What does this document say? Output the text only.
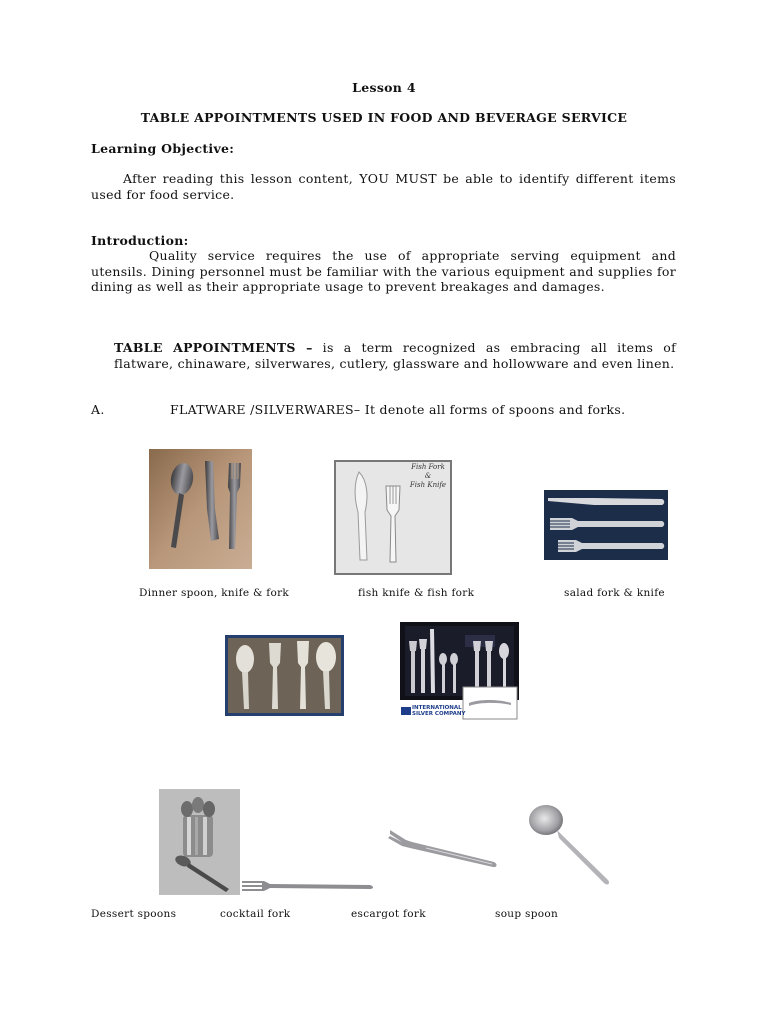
Lesson 4
TABLE APPOINTMENTS USED IN FOOD AND BEVERAGE SERVICE
Learning Objective:
After reading this lesson content, YOU MUST be able to identify different items used for food service.
Introduction:
Quality service requires the use of appropriate serving equipment and utensils. Dining personnel must be familiar with the various equipment and supplies for dining as well as their appropriate usage to prevent breakages and damages.
TABLE APPOINTMENTS – is a term recognized as embracing all items of flatware, chinaware, silverwares, cutlery, glassware and hollowware and even linen.
A.	FLATWARE /SILVERWARES– It denote all forms of spoons and forks.
Fish Fork
&
Fish Knife
Dinner spoon, knife & fork	fish knife & fish fork	salad fork & knife
INTERNATIONAL
SILVER COMPANY
Dessert spoons	cocktail fork	escargot fork	soup spoon
